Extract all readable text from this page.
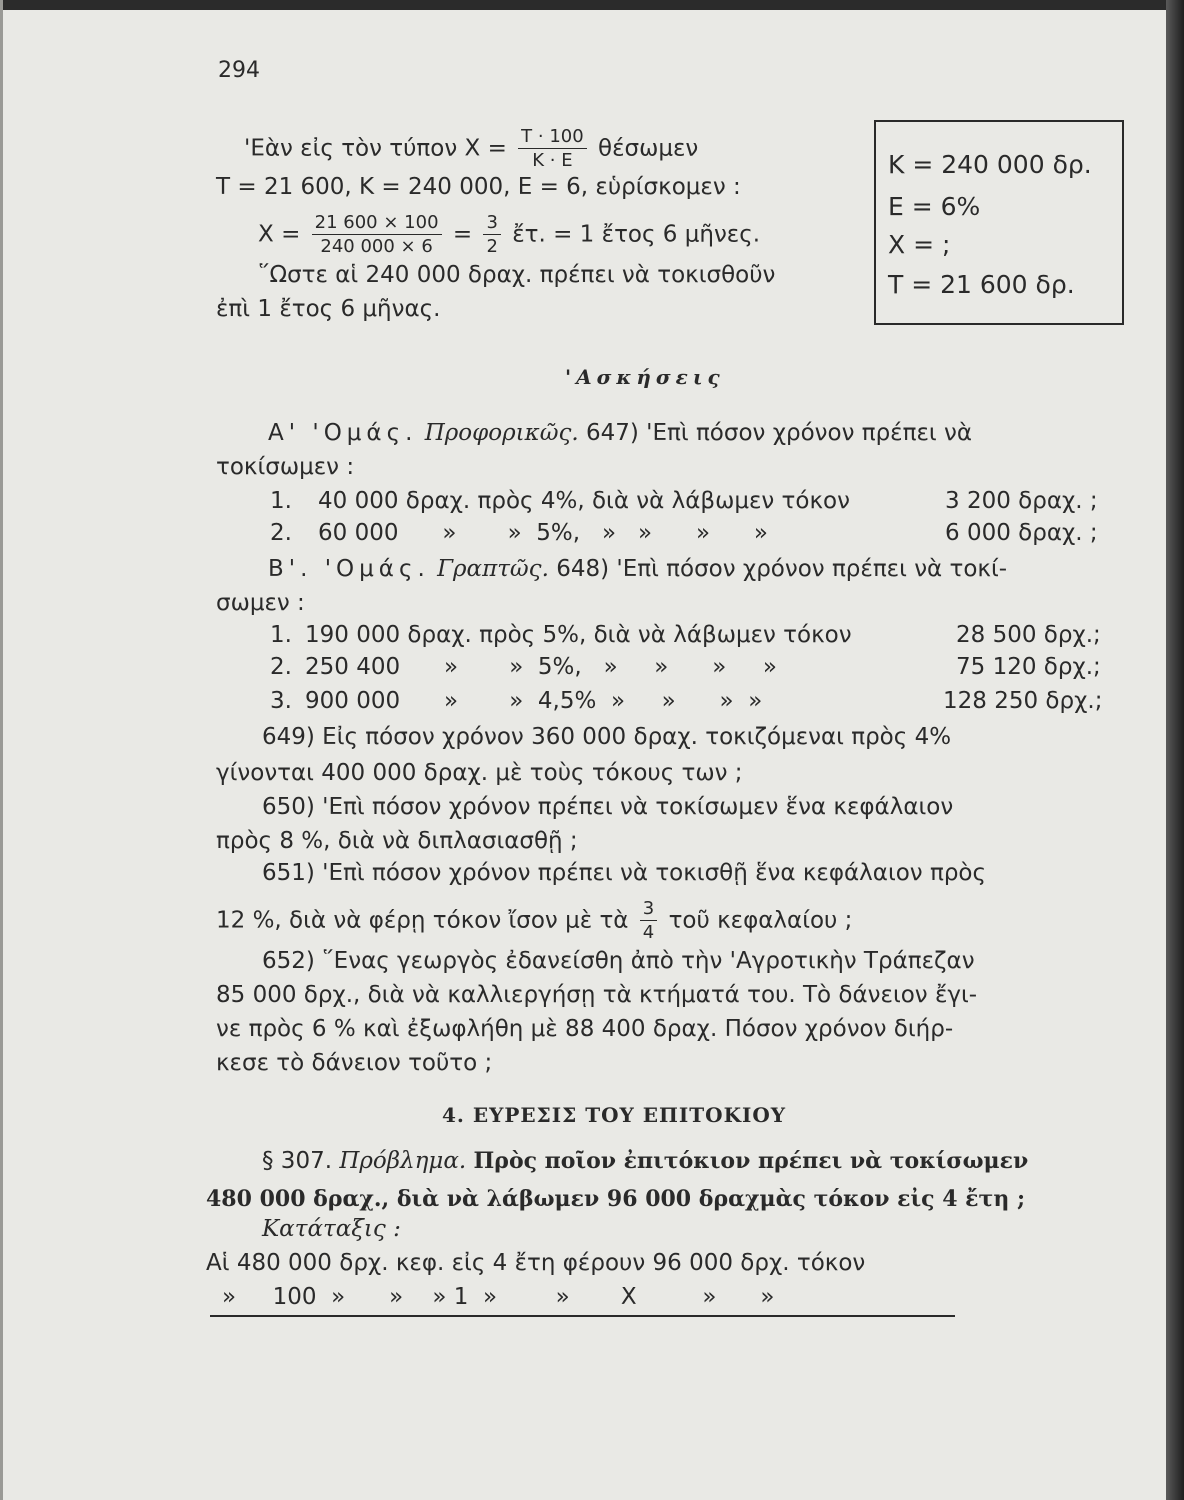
294
'Εὰν εἰς τὸν τύπον $X = \frac{T \cdot 100}{K \cdot E}$ θέσωμεν
Τ = 21 600, Κ = 240 000, Ε = 6, εὑρίσκομεν :
$X = \frac{21 600 \times 100}{240 000 \times 6} = \frac{3}{2}$ ἔτ. = 1 ἔτος 6 μῆνες.
῞Ωστε αἱ 240 000 δραχ. πρέπει νὰ τοκισθοῦν
ἐπὶ 1 ἔτος 6 μῆνας.
Κ = 240 000 δρ.
Ε = 6%
Χ = ;
Τ = 21 600 δρ.
'Ασκήσεις
Α' 'Ομάς. Προφορικῶς. 647) 'Επὶ πόσον χρόνον πρέπει νὰ
τοκίσωμεν :
1. 40 000 δραχ. πρὸς 4%, διὰ νὰ λάβωμεν τόκον	3 200 δραχ. ;
2. 60 000      »       »  5%,   »   »      »      »	6 000 δραχ. ;
Β'. 'Ομάς. Γραπτῶς. 648) 'Επὶ πόσον χρόνον πρέπει νὰ τοκί-
σωμεν :
1. 190 000 δραχ. πρὸς 5%, διὰ νὰ λάβωμεν τόκον	28 500 δρχ.;
2. 250 400      »       »  5%,   »     »      »     »	75 120 δρχ.;
3. 900 000      »       »  4,5%  »     »      »  »	128 250 δρχ.;
649) Εἰς πόσον χρόνον 360 000 δραχ. τοκιζόμεναι πρὸς 4%
γίνονται 400 000 δραχ. μὲ τοὺς τόκους των ;
650) 'Επὶ πόσον χρόνον πρέπει νὰ τοκίσωμεν ἕνα κεφάλαιον
πρὸς 8 %, διὰ νὰ διπλασιασθῇ ;
651) 'Επὶ πόσον χρόνον πρέπει νὰ τοκισθῇ ἕνα κεφάλαιον πρὸς
12 %, διὰ νὰ φέρῃ τόκον ἴσον μὲ τὰ $\frac{3}{4}$ τοῦ κεφαλαίου ;
652) ῞Ενας γεωργὸς ἐδανείσθη ἀπὸ τὴν 'Αγροτικὴν Τράπεζαν
85 000 δρχ., διὰ νὰ καλλιεργήσῃ τὰ κτήματά του. Τὸ δάνειον ἔγι-
νε πρὸς 6 % καὶ ἐξωφλήθη μὲ 88 400 δραχ. Πόσον χρόνον διήρ-
κεσε τὸ δάνειον τοῦτο ;
4. ΕΥΡΕΣΙΣ ΤΟΥ ΕΠΙΤΟΚΙΟΥ
§ 307. Πρόβλημα. Πρὸς ποῖον ἐπιτόκιον πρέπει νὰ τοκίσωμεν
480 000 δραχ., διὰ νὰ λάβωμεν 96 000 δραχμὰς τόκον εἰς 4 ἔτη ;
Κατάταξις :
Αἱ 480 000 δρχ. κεφ. εἰς 4 ἔτη φέρουν 96 000 δρχ. τόκον
»     100  »      »    » 1  »        »       Χ         »      »
